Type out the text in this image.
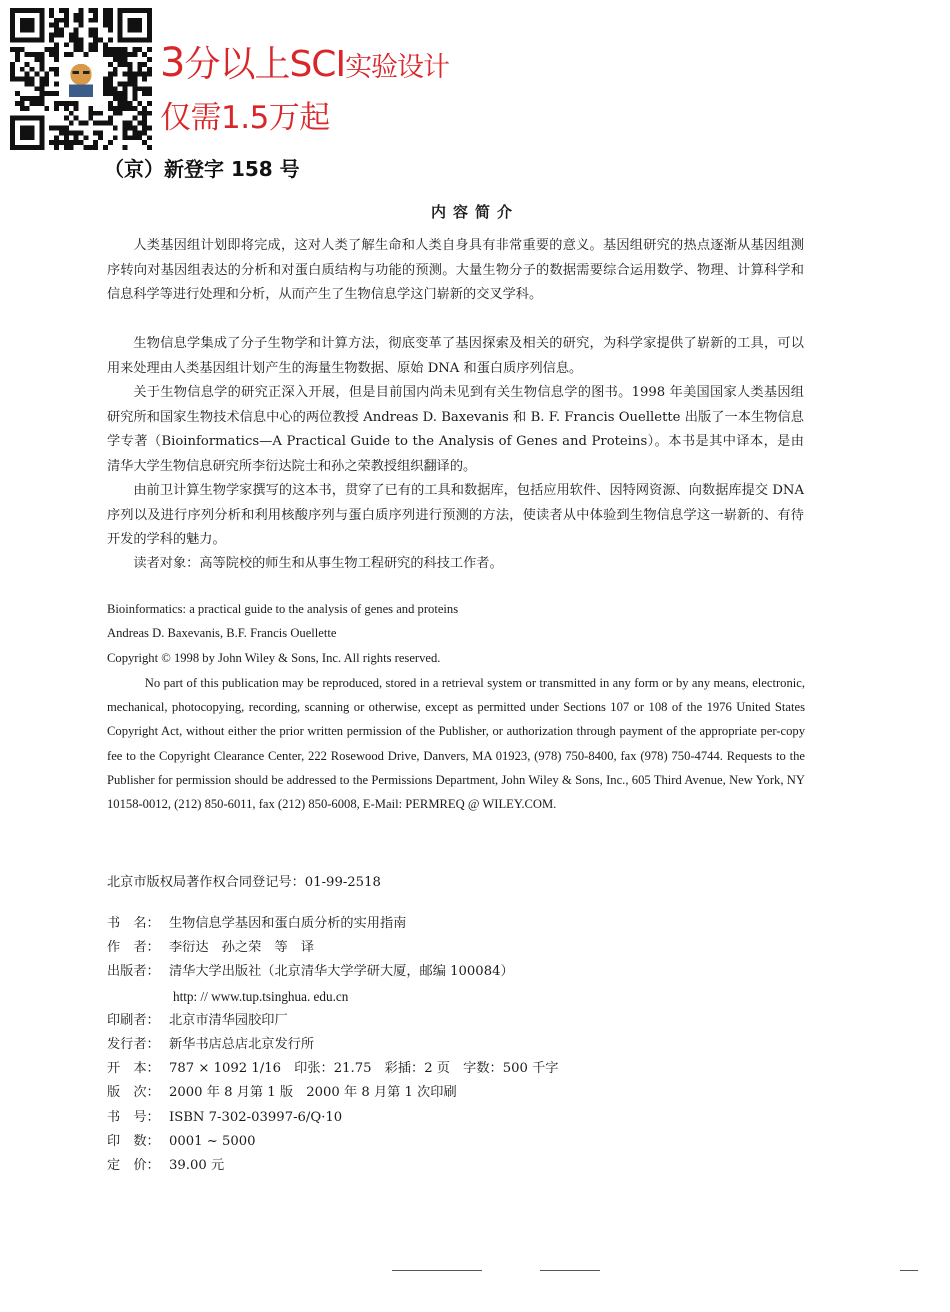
3分以上SCI实验设计
仅需1.5万起
（京）新登字 158 号
内容简介

人类基因组计划即将完成，这对人类了解生命和人类自身具有非常重要的意义。基因组研究的热点逐渐从基因组测序转向对基因组表达的分析和对蛋白质结构与功能的预测。大量生物分子的数据需要综合运用数学、物理、计算科学和信息科学等进行处理和分析，从而产生了生物信息学这门崭新的交叉学科。

生物信息学集成了分子生物学和计算方法，彻底变革了基因探索及相关的研究，为科学家提供了崭新的工具，可以用来处理由人类基因组计划产生的海量生物数据、原始 DNA 和蛋白质序列信息。

关于生物信息学的研究正深入开展，但是目前国内尚未见到有关生物信息学的图书。1998 年美国国家人类基因组研究所和国家生物技术信息中心的两位教授 Andreas D. Baxevanis 和 B. F. Francis Ouellette 出版了一本生物信息学专著（Bioinformatics—A Practical Guide to the Analysis of Genes and Proteins）。本书是其中译本，是由清华大学生物信息研究所李衍达院士和孙之荣教授组织翻译的。

由前卫计算生物学家撰写的这本书，贯穿了已有的工具和数据库，包括应用软件、因特网资源、向数据库提交 DNA 序列以及进行序列分析和利用核酸序列与蛋白质序列进行预测的方法，使读者从中体验到生物信息学这一崭新的、有待开发的学科的魅力。

读者对象：高等院校的师生和从事生物工程研究的科技工作者。

Bioinformatics: a practical guide to the analysis of genes and proteins
Andreas D. Baxevanis, B.F. Francis Ouellette
Copyright © 1998 by John Wiley & Sons, Inc. All rights reserved.

No part of this publication may be reproduced, stored in a retrieval system or transmitted in any form or by any means, electronic, mechanical, photocopying, recording, scanning or otherwise, except as permitted under Sections 107 or 108 of the 1976 United States Copyright Act, without either the prior written permission of the Publisher, or authorization through payment of the appropriate per-copy fee to the Copyright Clearance Center, 222 Rosewood Drive, Danvers, MA 01923, (978) 750-8400, fax (978) 750-4744. Requests to the Publisher for permission should be addressed to the Permissions Department, John Wiley & Sons, Inc., 605 Third Avenue, New York, NY 10158-0012, (212) 850-6011, fax (212) 850-6008, E-Mail: PERMREQ @ WILEY.COM.

北京市版权局著作权合同登记号：01-99-2518
书　名： 生物信息学基因和蛋白质分析的实用指南
作　者： 李衍达　孙之荣　等　译
出版者： 清华大学出版社（北京清华大学学研大厦，邮编 100084）
http: // www.tup.tsinghua. edu.cn
印刷者： 北京市清华园胶印厂
发行者： 新华书店总店北京发行所
开　本： 787 × 1092 1/16　印张：21.75　彩插：2 页　字数：500 千字
版　次： 2000 年 8 月第 1 版　2000 年 8 月第 1 次印刷
书　号： ISBN 7-302-03997-6/Q·10
印　数： 0001 ~ 5000
定　价： 39.00 元
